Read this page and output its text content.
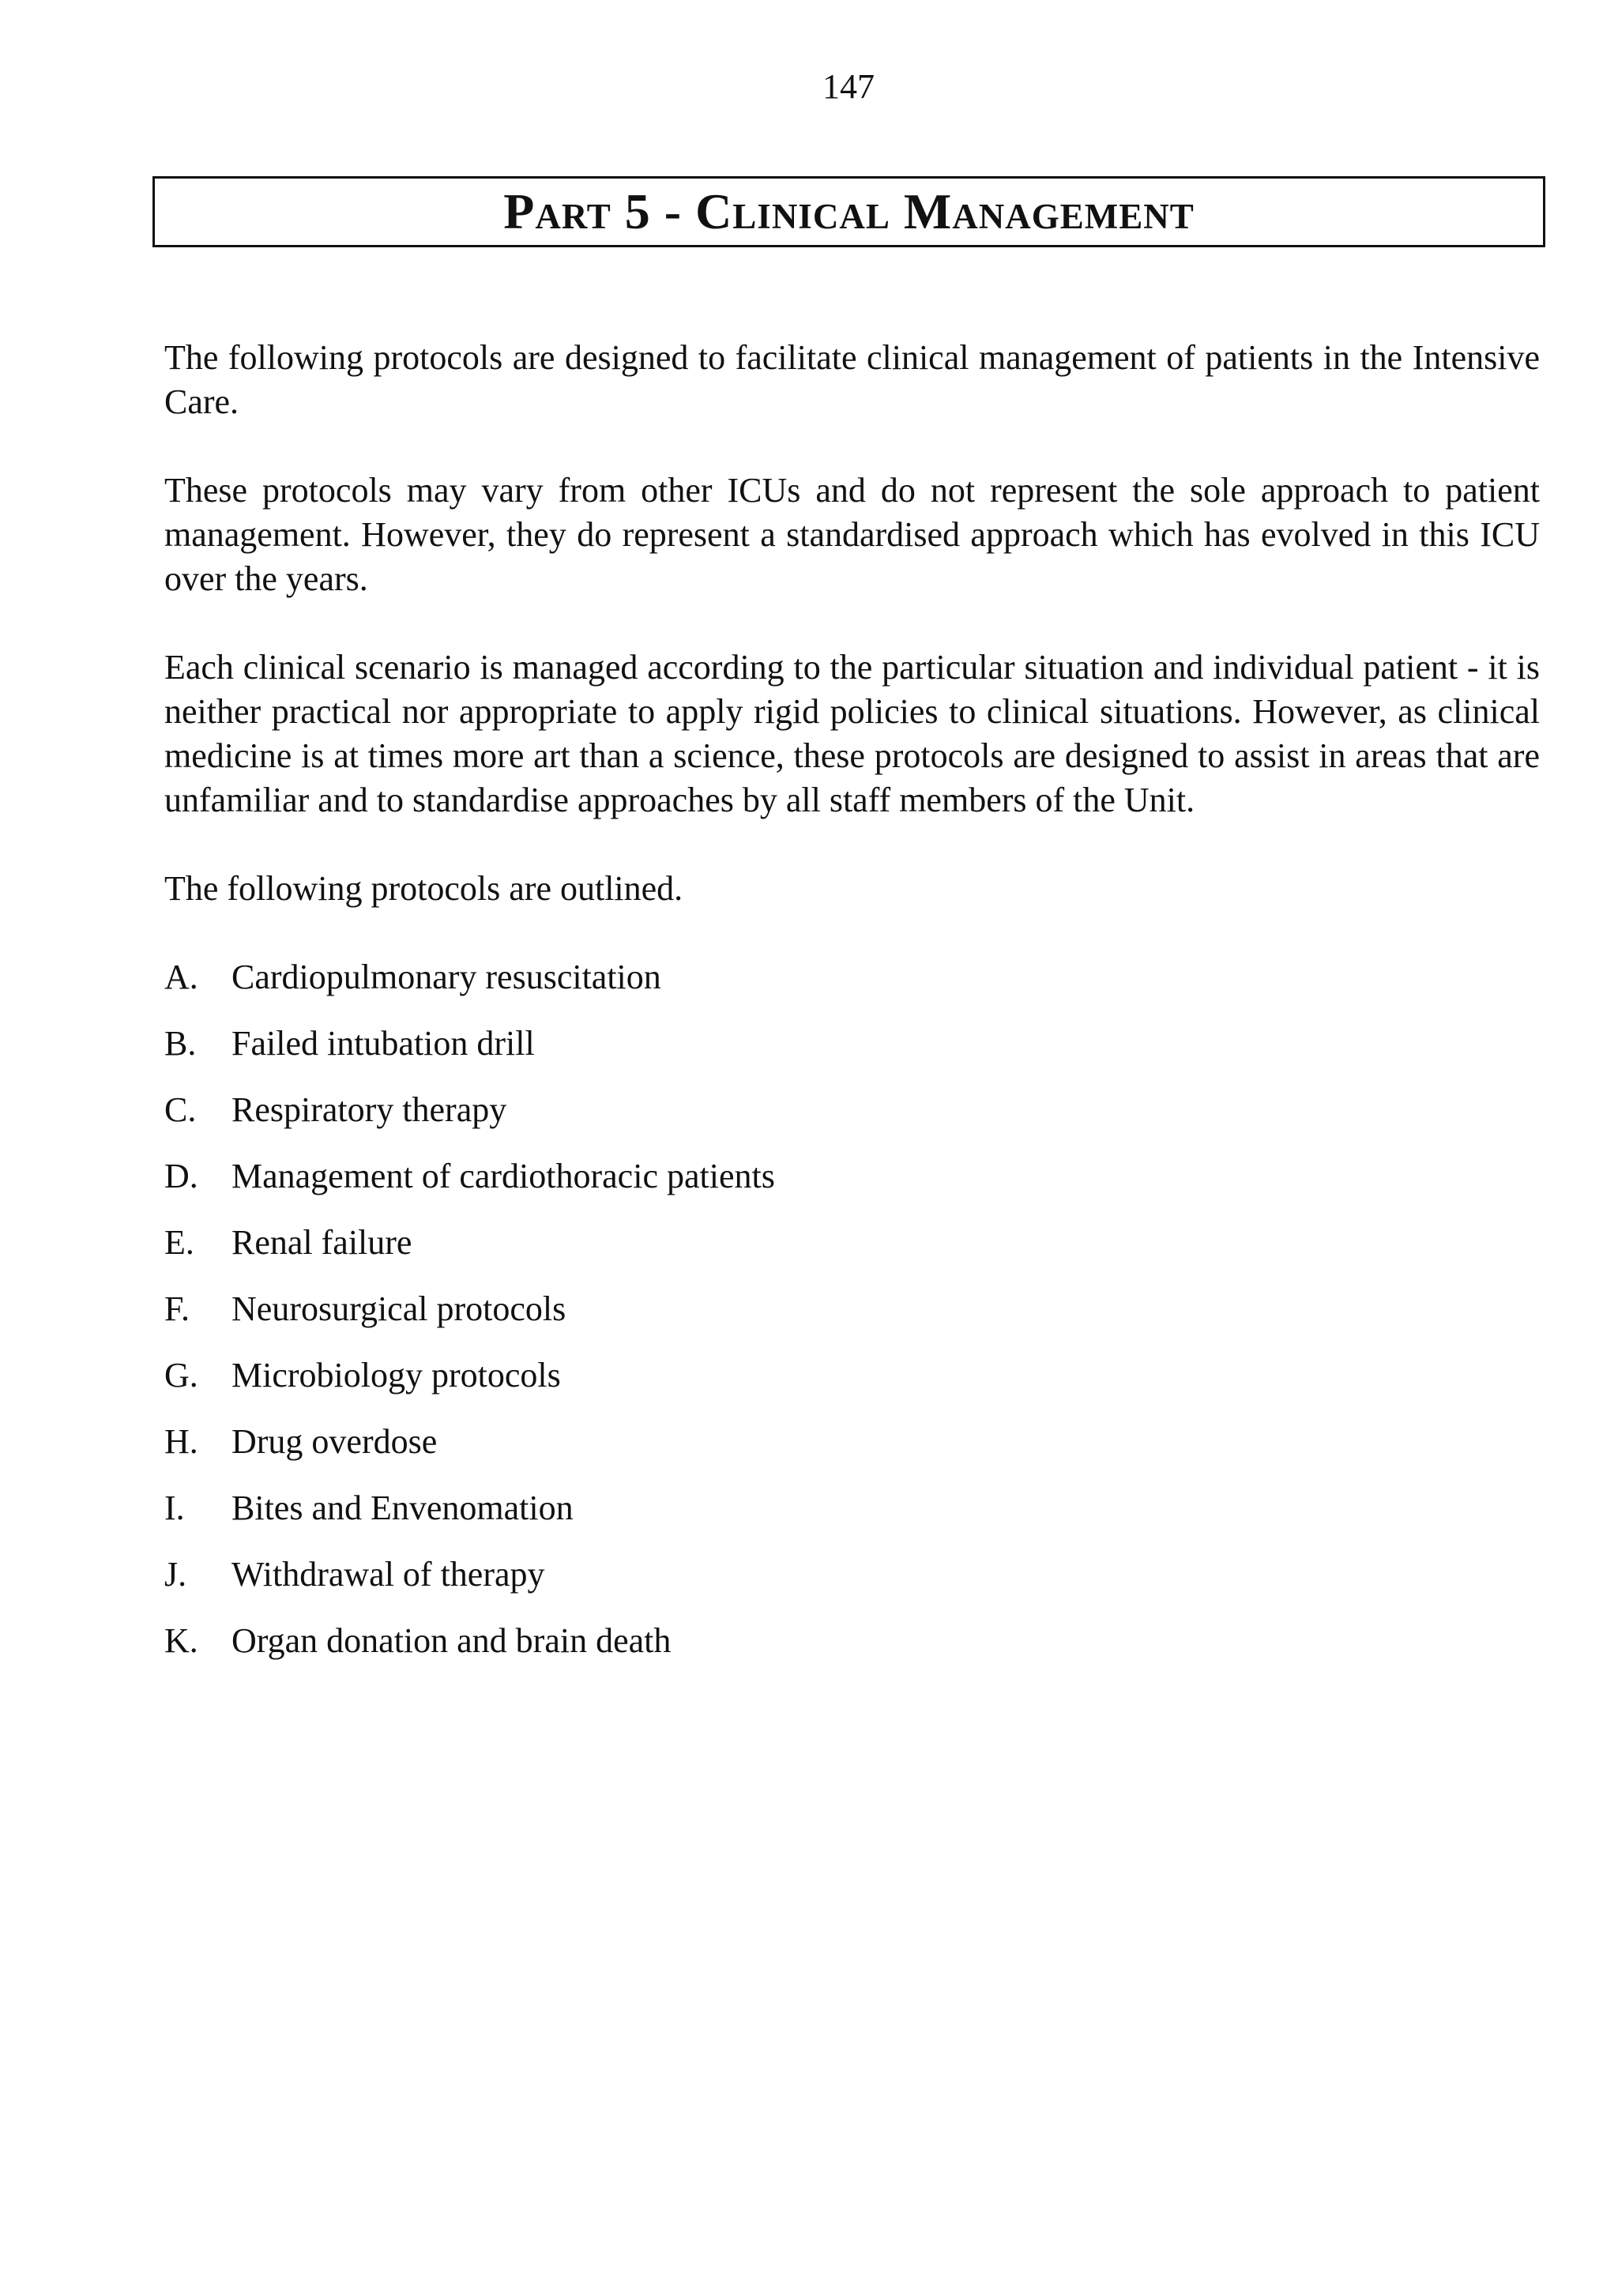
147
Part 5 - Clinical Management

The following protocols are designed to facilitate clinical management of patients in the Intensive Care.

These protocols may vary from other ICUs and do not represent the sole approach to patient management. However, they do represent a standardised approach which has evolved in this ICU over the years.

Each clinical scenario is managed according to the particular situation and individual patient - it is neither practical nor appropriate to apply rigid policies to clinical situations. However, as clinical medicine is at times more art than a science, these protocols are designed to assist in areas that are unfamiliar and to standardise approaches by all staff members of the Unit.

The following protocols are outlined.

A. Cardiopulmonary resuscitation
B.	Failed intubation drill
C.	Respiratory therapy
D. Management of cardiothoracic patients
E.	Renal failure
F.	Neurosurgical protocols
G. Microbiology protocols
H. Drug overdose
I.	Bites and Envenomation
J.	Withdrawal of therapy
K. Organ donation and brain death
